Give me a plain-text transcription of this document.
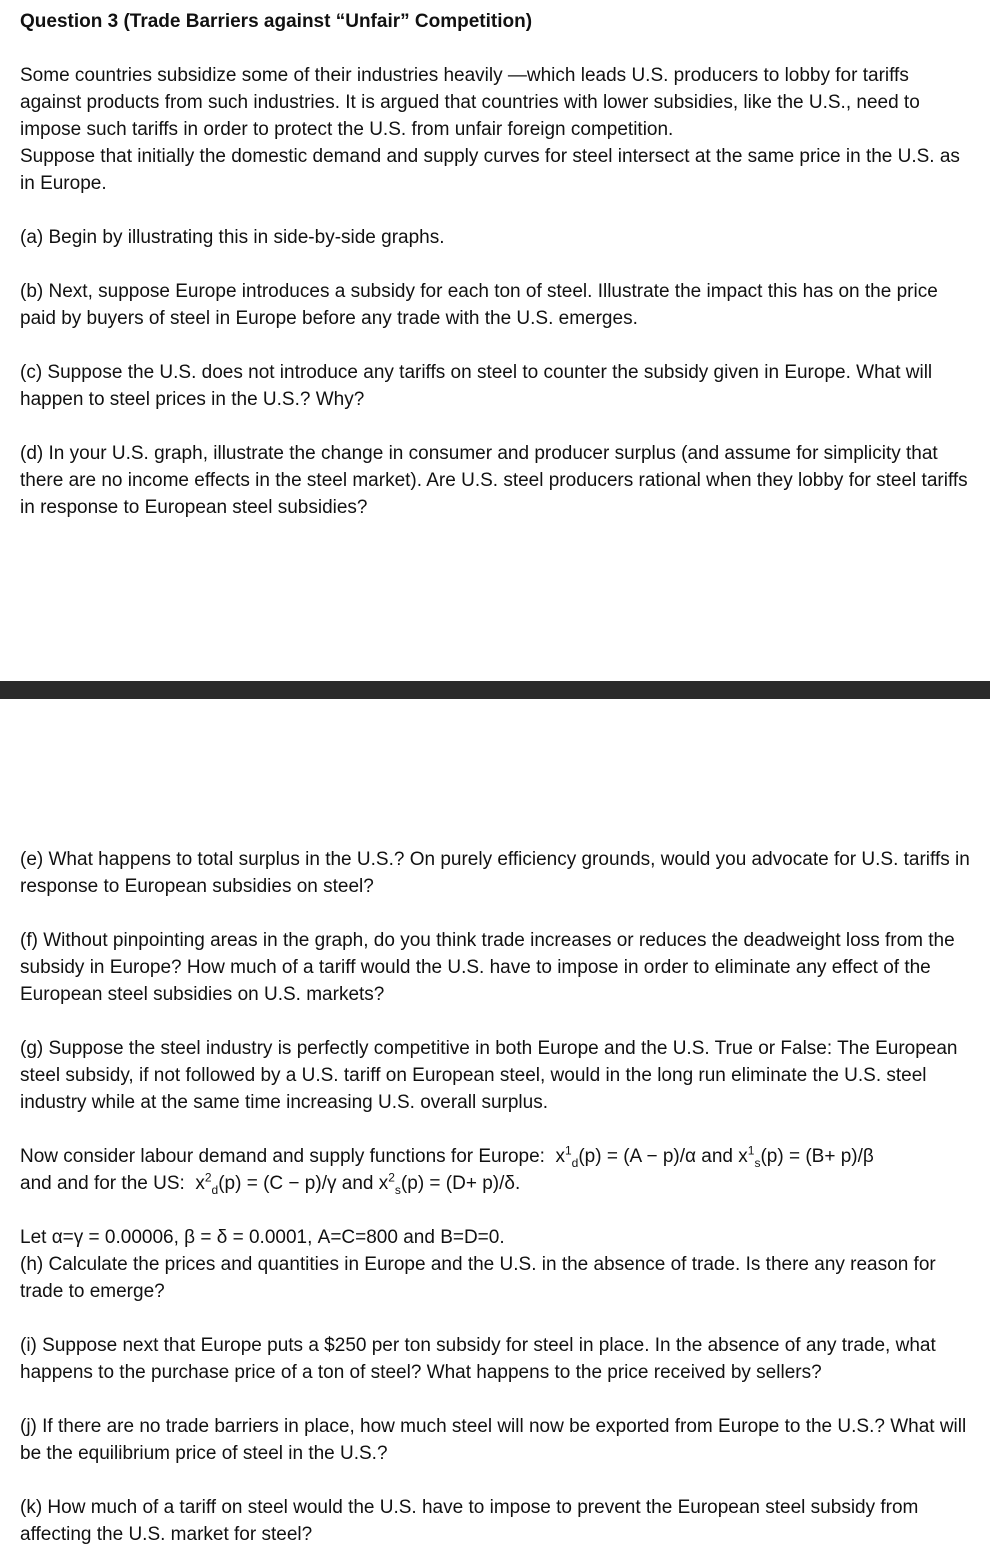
Question 3 (Trade Barriers against “Unfair” Competition)

Some countries subsidize some of their industries heavily —which leads U.S. producers to lobby for tariffs against products from such industries. It is argued that countries with lower subsidies, like the U.S., need to impose such tariffs in order to protect the U.S. from unfair foreign competition.

Suppose that initially the domestic demand and supply curves for steel intersect at the same price in the U.S. as in Europe.

(a) Begin by illustrating this in side-by-side graphs.

(b) Next, suppose Europe introduces a subsidy for each ton of steel. Illustrate the impact this has on the price paid by buyers of steel in Europe before any trade with the U.S. emerges.

(c) Suppose the U.S. does not introduce any tariffs on steel to counter the subsidy given in Europe. What will happen to steel prices in the U.S.? Why?

(d) In your U.S. graph, illustrate the change in consumer and producer surplus (and assume for simplicity that there are no income effects in the steel market). Are U.S. steel producers rational when they lobby for steel tariffs in response to European steel subsidies?

(e) What happens to total surplus in the U.S.? On purely efficiency grounds, would you advocate for U.S. tariffs in response to European subsidies on steel?

(f) Without pinpointing areas in the graph, do you think trade increases or reduces the deadweight loss from the subsidy in Europe? How much of a tariff would the U.S. have to impose in order to eliminate any effect of the European steel subsidies on U.S. markets?

(g) Suppose the steel industry is perfectly competitive in both Europe and the U.S. True or False: The European steel subsidy, if not followed by a U.S. tariff on European steel, would in the long run eliminate the U.S. steel industry while at the same time increasing U.S. overall surplus.

Now consider labour demand and supply functions for Europe: $x^1_d(p) = (A - p)/\alpha$ and $x^1_s(p) = (B+ p)/\beta$
and and for the US: $x^2_d(p) = (C - p)/\gamma$ and $x^2_s(p) = (D+ p)/\delta$.

Let α=γ = 0.00006, β = δ = 0.0001, A=C=800 and B=D=0.

(h) Calculate the prices and quantities in Europe and the U.S. in the absence of trade. Is there any reason for trade to emerge?

(i) Suppose next that Europe puts a $250 per ton subsidy for steel in place. In the absence of any trade, what happens to the purchase price of a ton of steel? What happens to the price received by sellers?

(j) If there are no trade barriers in place, how much steel will now be exported from Europe to the U.S.? What will be the equilibrium price of steel in the U.S.?

(k) How much of a tariff on steel would the U.S. have to impose to prevent the European steel subsidy from affecting the U.S. market for steel?
